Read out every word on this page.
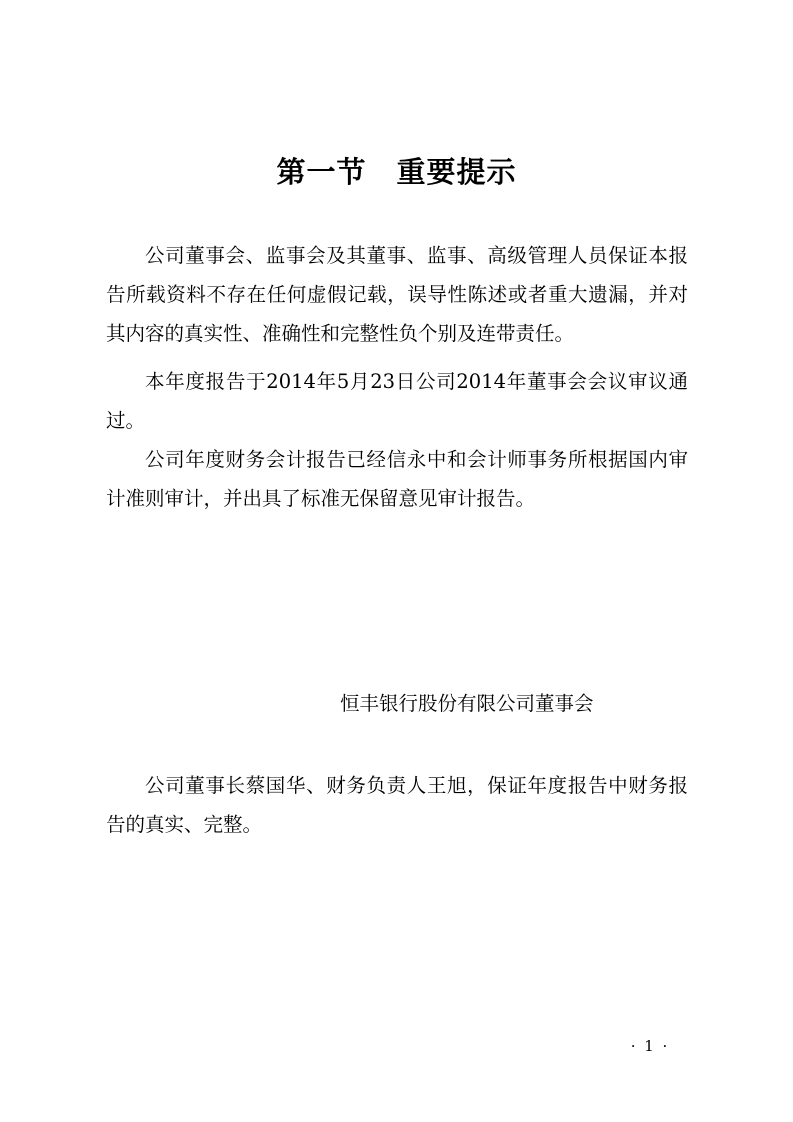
第一节　重要提示

公司董事会、监事会及其董事、监事、高级管理人员保证本报告所载资料不存在任何虚假记载，误导性陈述或者重大遗漏，并对其内容的真实性、准确性和完整性负个别及连带责任。

本年度报告于2014年5月23日公司2014年董事会会议审议通过。

公司年度财务会计报告已经信永中和会计师事务所根据国内审计准则审计，并出具了标准无保留意见审计报告。

恒丰银行股份有限公司董事会

公司董事长蔡国华、财务负责人王旭，保证年度报告中财务报告的真实、完整。

· 1 ·
